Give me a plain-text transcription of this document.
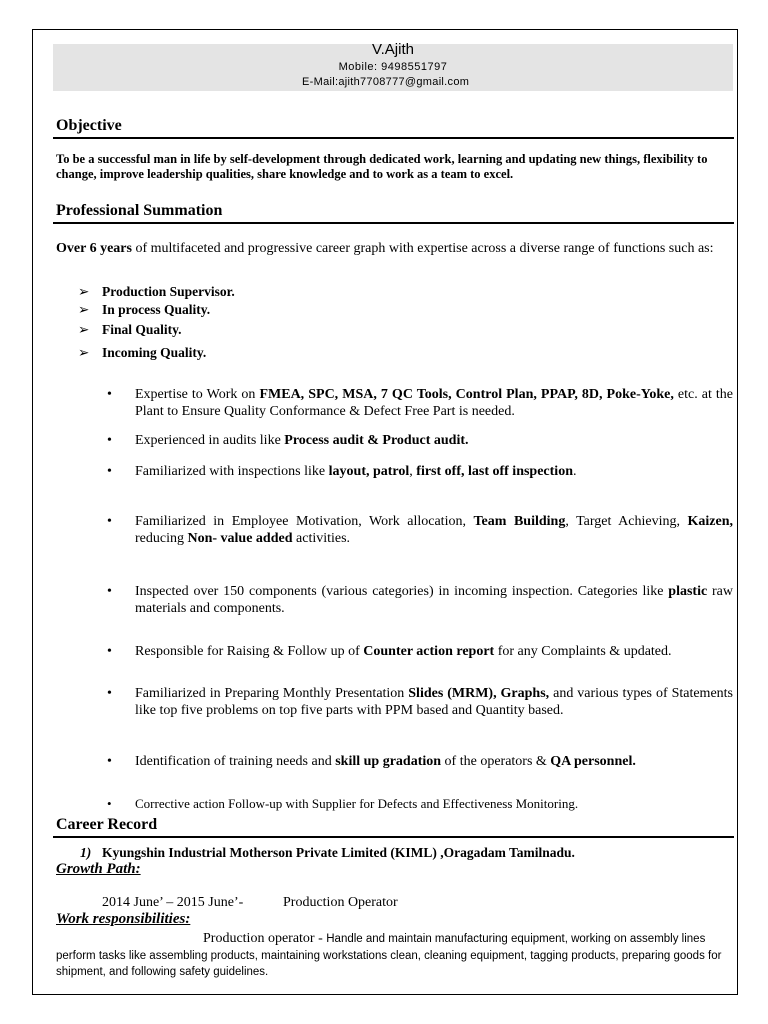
V.Ajith
Mobile: 9498551797
E-Mail:ajith7708777@gmail.com
Objective
To be a successful man in life by self-development through dedicated work, learning and updating new things, flexibility to change, improve leadership qualities, share knowledge and to work as a team to excel.
Professional Summation
Over 6 years of multifaceted and progressive career graph with expertise across a diverse range of functions such as:
➢ Production Supervisor.
➢ In process Quality.
➢ Final Quality.
➢ Incoming Quality.
•	Expertise to Work on FMEA, SPC, MSA, 7 QC Tools, Control Plan, PPAP, 8D, Poke-Yoke, etc. at the Plant to Ensure Quality Conformance & Defect Free Part is needed.
•	Experienced in audits like Process audit & Product audit.
•	Familiarized with inspections like layout, patrol, first off, last off inspection.
•	Familiarized in Employee Motivation, Work allocation, Team Building, Target Achieving, Kaizen, reducing Non- value added activities.
•	Inspected over 150 components (various categories) in incoming inspection. Categories like plastic raw materials and components.
•	Responsible for Raising & Follow up of Counter action report for any Complaints & updated.
•	Familiarized in Preparing Monthly Presentation Slides (MRM), Graphs, and various types of Statements like top five problems on top five parts with PPM based and Quantity based.
•	Identification of training needs and skill up gradation of the operators & QA personnel.
•	Corrective action Follow-up with Supplier for Defects and Effectiveness Monitoring.
Career Record
1) Kyungshin Industrial Motherson Private Limited (KIML) ,Oragadam Tamilnadu.
Growth Path:
2014 June’ – 2015 June’-	Production Operator
Work responsibilities:
Production operator - Handle and maintain manufacturing equipment, working on assembly lines perform tasks like assembling products, maintaining workstations clean, cleaning equipment, tagging products, preparing goods for shipment, and following safety guidelines.
